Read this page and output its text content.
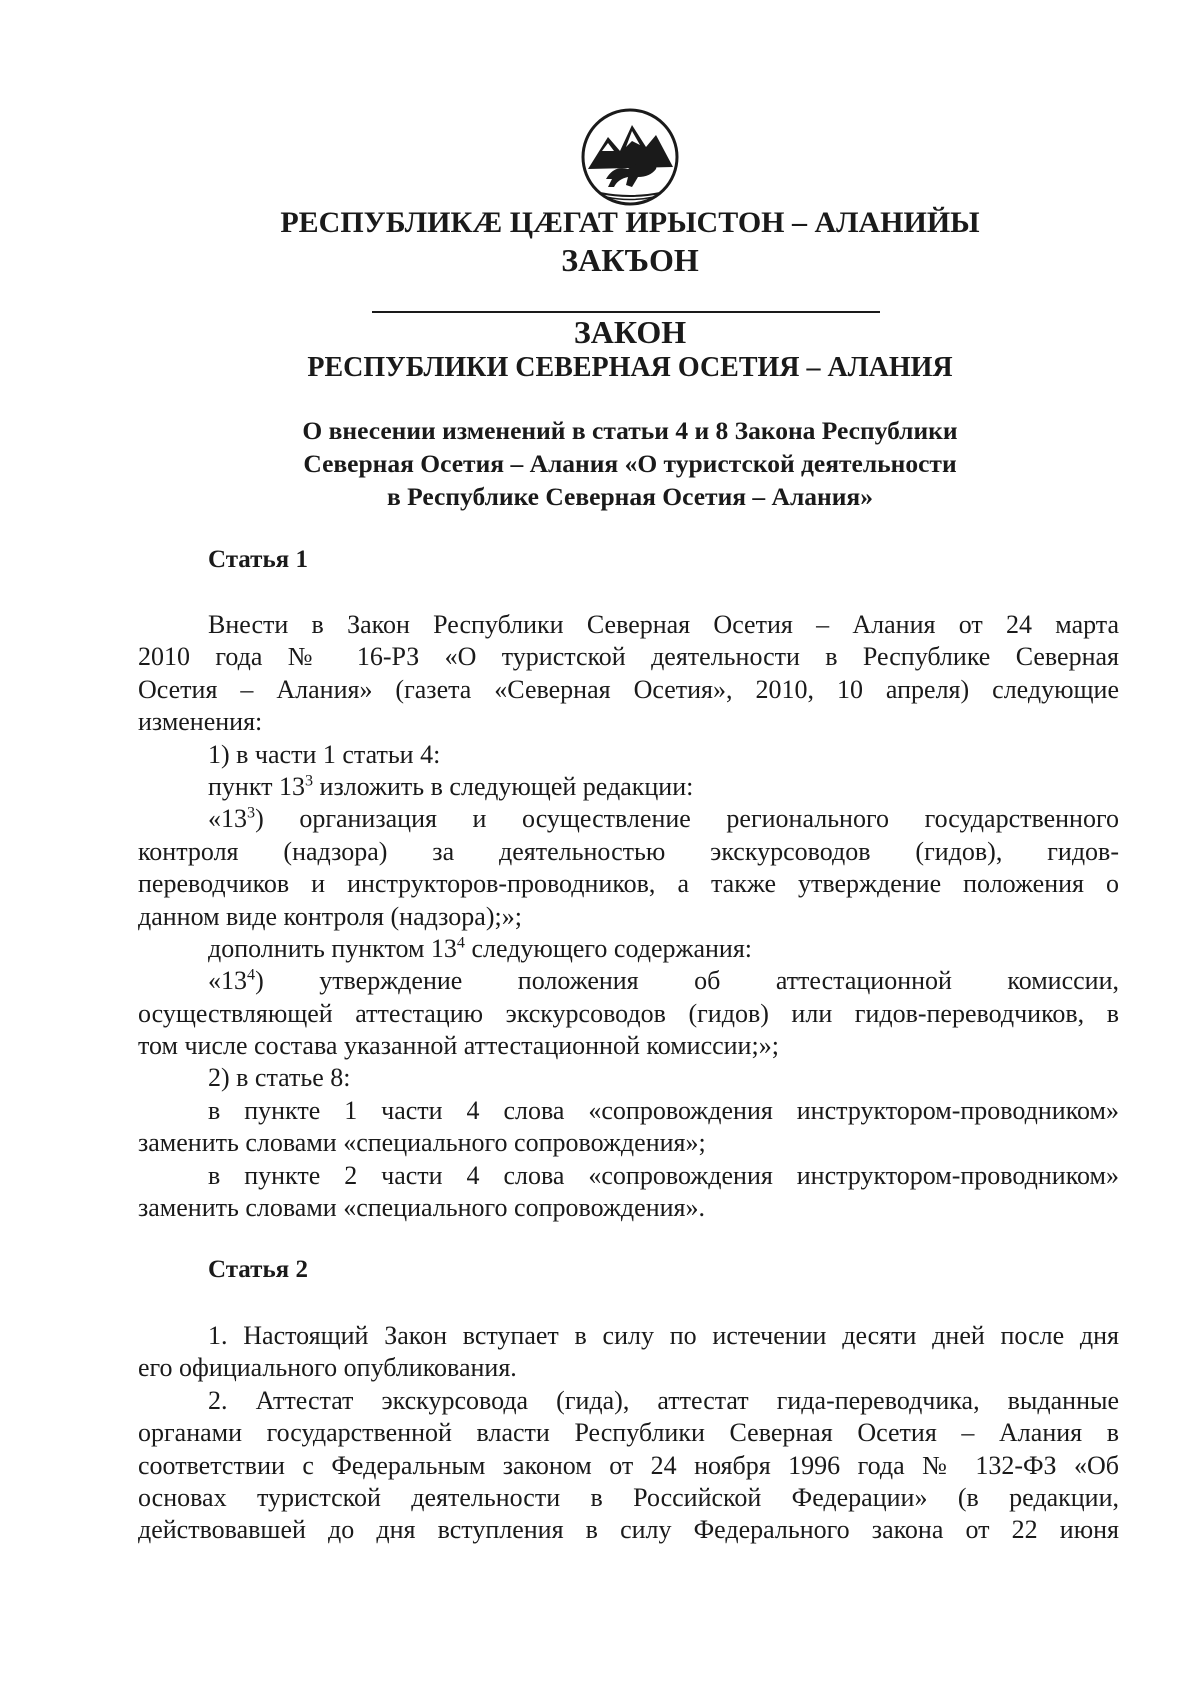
РЕСПУБЛИКÆ ЦÆГАТ ИРЫСТОН – АЛАНИЙЫ
ЗАКЪОН
ЗАКОН
РЕСПУБЛИКИ СЕВЕРНАЯ ОСЕТИЯ – АЛАНИЯ
О внесении изменений в статьи 4 и 8 Закона Республики
Северная Осетия – Алания «О туристской деятельности
в Республике Северная Осетия – Алания»
Статья 1
Внести в Закон Республики Северная Осетия – Алания от 24 марта
2010 года № 16-РЗ «О туристской деятельности в Республике Северная
Осетия – Алания» (газета «Северная Осетия», 2010, 10 апреля) следующие
изменения:
1) в части 1 статьи 4:
пункт $13^3$ изложить в следующей редакции:
«$13^3$) организация и осуществление регионального государственного
контроля (надзора) за деятельностью экскурсоводов (гидов), гидов-
переводчиков и инструкторов-проводников, а также утверждение положения о
данном виде контроля (надзора);»;
дополнить пунктом $13^4$ следующего содержания:
«$13^4$) утверждение положения об аттестационной комиссии,
осуществляющей аттестацию экскурсоводов (гидов) или гидов-переводчиков, в
том числе состава указанной аттестационной комиссии;»;
2) в статье 8:
в пункте 1 части 4 слова «сопровождения инструктором-проводником»
заменить словами «специального сопровождения»;
в пункте 2 части 4 слова «сопровождения инструктором-проводником»
заменить словами «специального сопровождения».
Статья 2
1. Настоящий Закон вступает в силу по истечении десяти дней после дня
его официального опубликования.
2. Аттестат экскурсовода (гида), аттестат гида-переводчика, выданные
органами государственной власти Республики Северная Осетия – Алания в
соответствии с Федеральным законом от 24 ноября 1996 года № 132-ФЗ «Об
основах туристской деятельности в Российской Федерации» (в редакции,
действовавшей до дня вступления в силу Федерального закона от 22 июня
